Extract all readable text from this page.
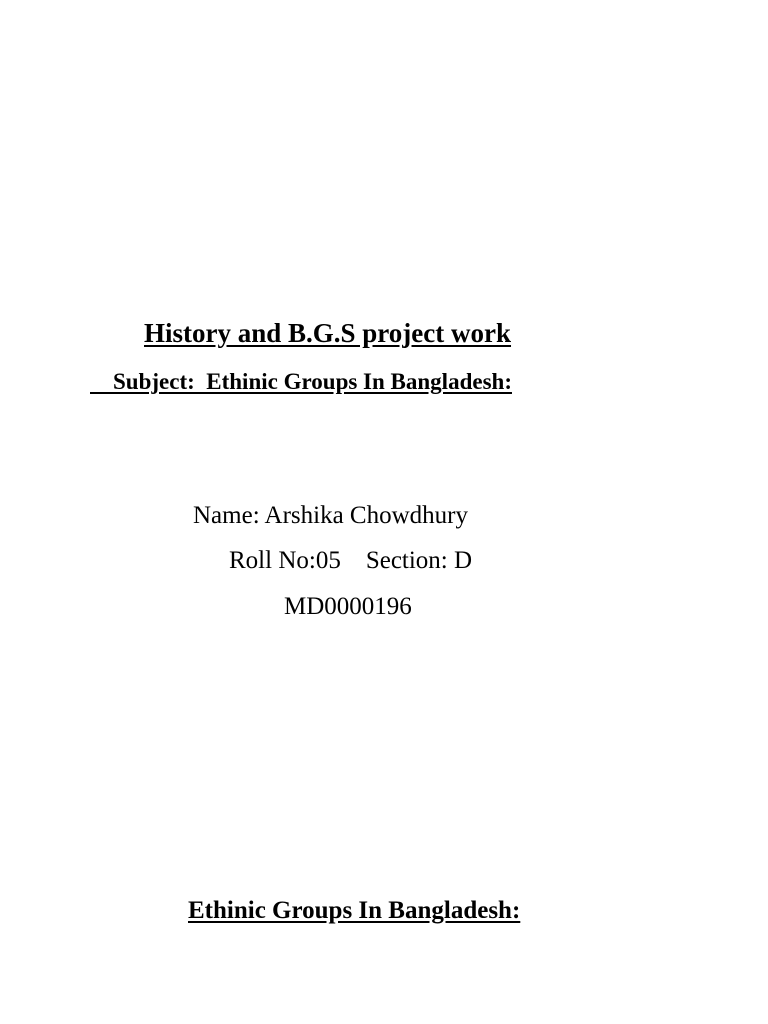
History and B.G.S project work
Subject:  Ethinic Groups In Bangladesh:
Name: Arshika Chowdhury
Roll No:05    Section: D
MD0000196
Ethinic Groups In Bangladesh:
